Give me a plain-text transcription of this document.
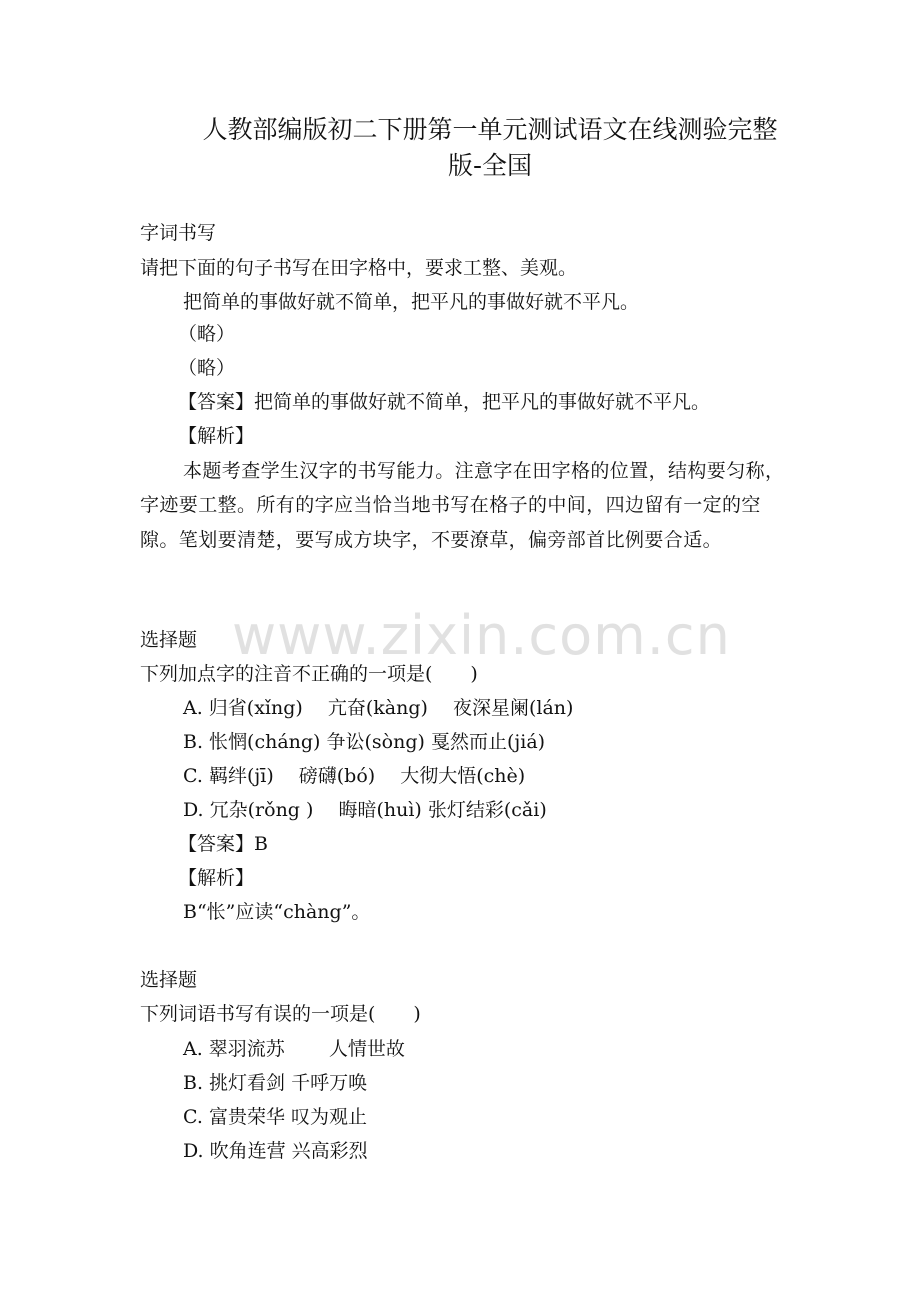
人教部编版初二下册第一单元测试语文在线测验完整
版-全国
字词书写
请把下面的句子书写在田字格中，要求工整、美观。
把简单的事做好就不简单，把平凡的事做好就不平凡。
（略）
（略）
【答案】把简单的事做好就不简单，把平凡的事做好就不平凡。
【解析】
本题考查学生汉字的书写能力。注意字在田字格的位置，结构要匀称，字迹要工整。所有的字应当恰当地书写在格子的中间，四边留有一定的空隙。笔划要清楚，要写成方块字，不要潦草，偏旁部首比例要合适。
www.zixin.com.cn
选择题
下列加点字的注音不正确的一项是(　　)
A. 归省(xǐng)　 亢奋(kàng)　 夜深星阑(lán)
B. 怅惘(cháng) 争讼(sòng) 戛然而止(jiá)
C. 羁绊(jī)　 磅礴(bó)　 大彻大悟(chè)
D. 冗杂(rǒng )　 晦暗(huì) 张灯结彩(cǎi)
【答案】B
【解析】
B“怅”应读“chàng”。
选择题
下列词语书写有误的一项是(　　)
A. 翠羽流苏　　 人情世故
B. 挑灯看剑 千呼万唤
C. 富贵荣华 叹为观止
D. 吹角连营 兴高彩烈
